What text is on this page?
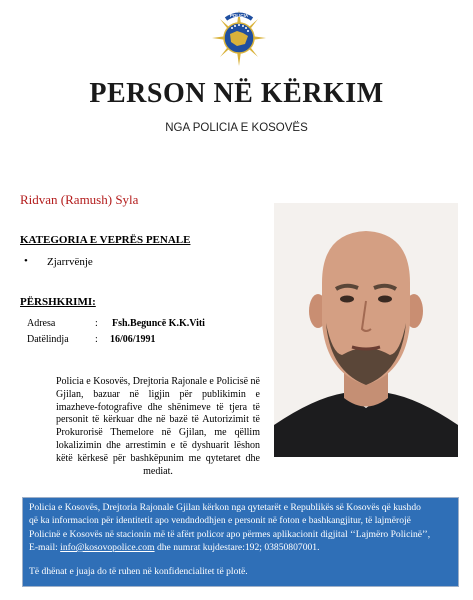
POLICIA
PERSON NË KËRKIM
NGA POLICIA E KOSOVËS
Ridvan (Ramush) Syla
KATEGORIA E VEPRËS PENALE
• Zjarrvënje
PËRSHKRIMI:
Adresa	: Fsh.Beguncë K.K.Viti
Datëlindja	: 16/06/1991
Policia e Kosovës, Drejtoria Rajonale e Policisë në Gjilan, bazuar në ligjin për publikimin e imazheve-fotografive dhe shënimeve të tjera të personit të kërkuar dhe në bazë të Autorizimit të Prokurorisë Themelore në Gjilan, me qëllim lokalizimin dhe arrestimin e të dyshuarit lëshon këtë kërkesë për bashkëpunim me qytetaret dhe mediat.
Policia e Kosovës, Drejtoria Rajonale Gjilan kërkon nga qytetarët e Republikës së Kosovës që kushdo
që ka informacion për identitetit apo vendndodhjen e personit në foton e bashkangjitur, të lajmërojë
Policinë e Kosovës në stacionin më të afërt policor apo përmes aplikacionit digjital ‘‘Lajmëro Policinë’’,
E-mail: info@kosovopolice.com dhe numrat kujdestare:192; 03850807001.
Të dhënat e juaja do të ruhen në konfidencialitet të plotë.
